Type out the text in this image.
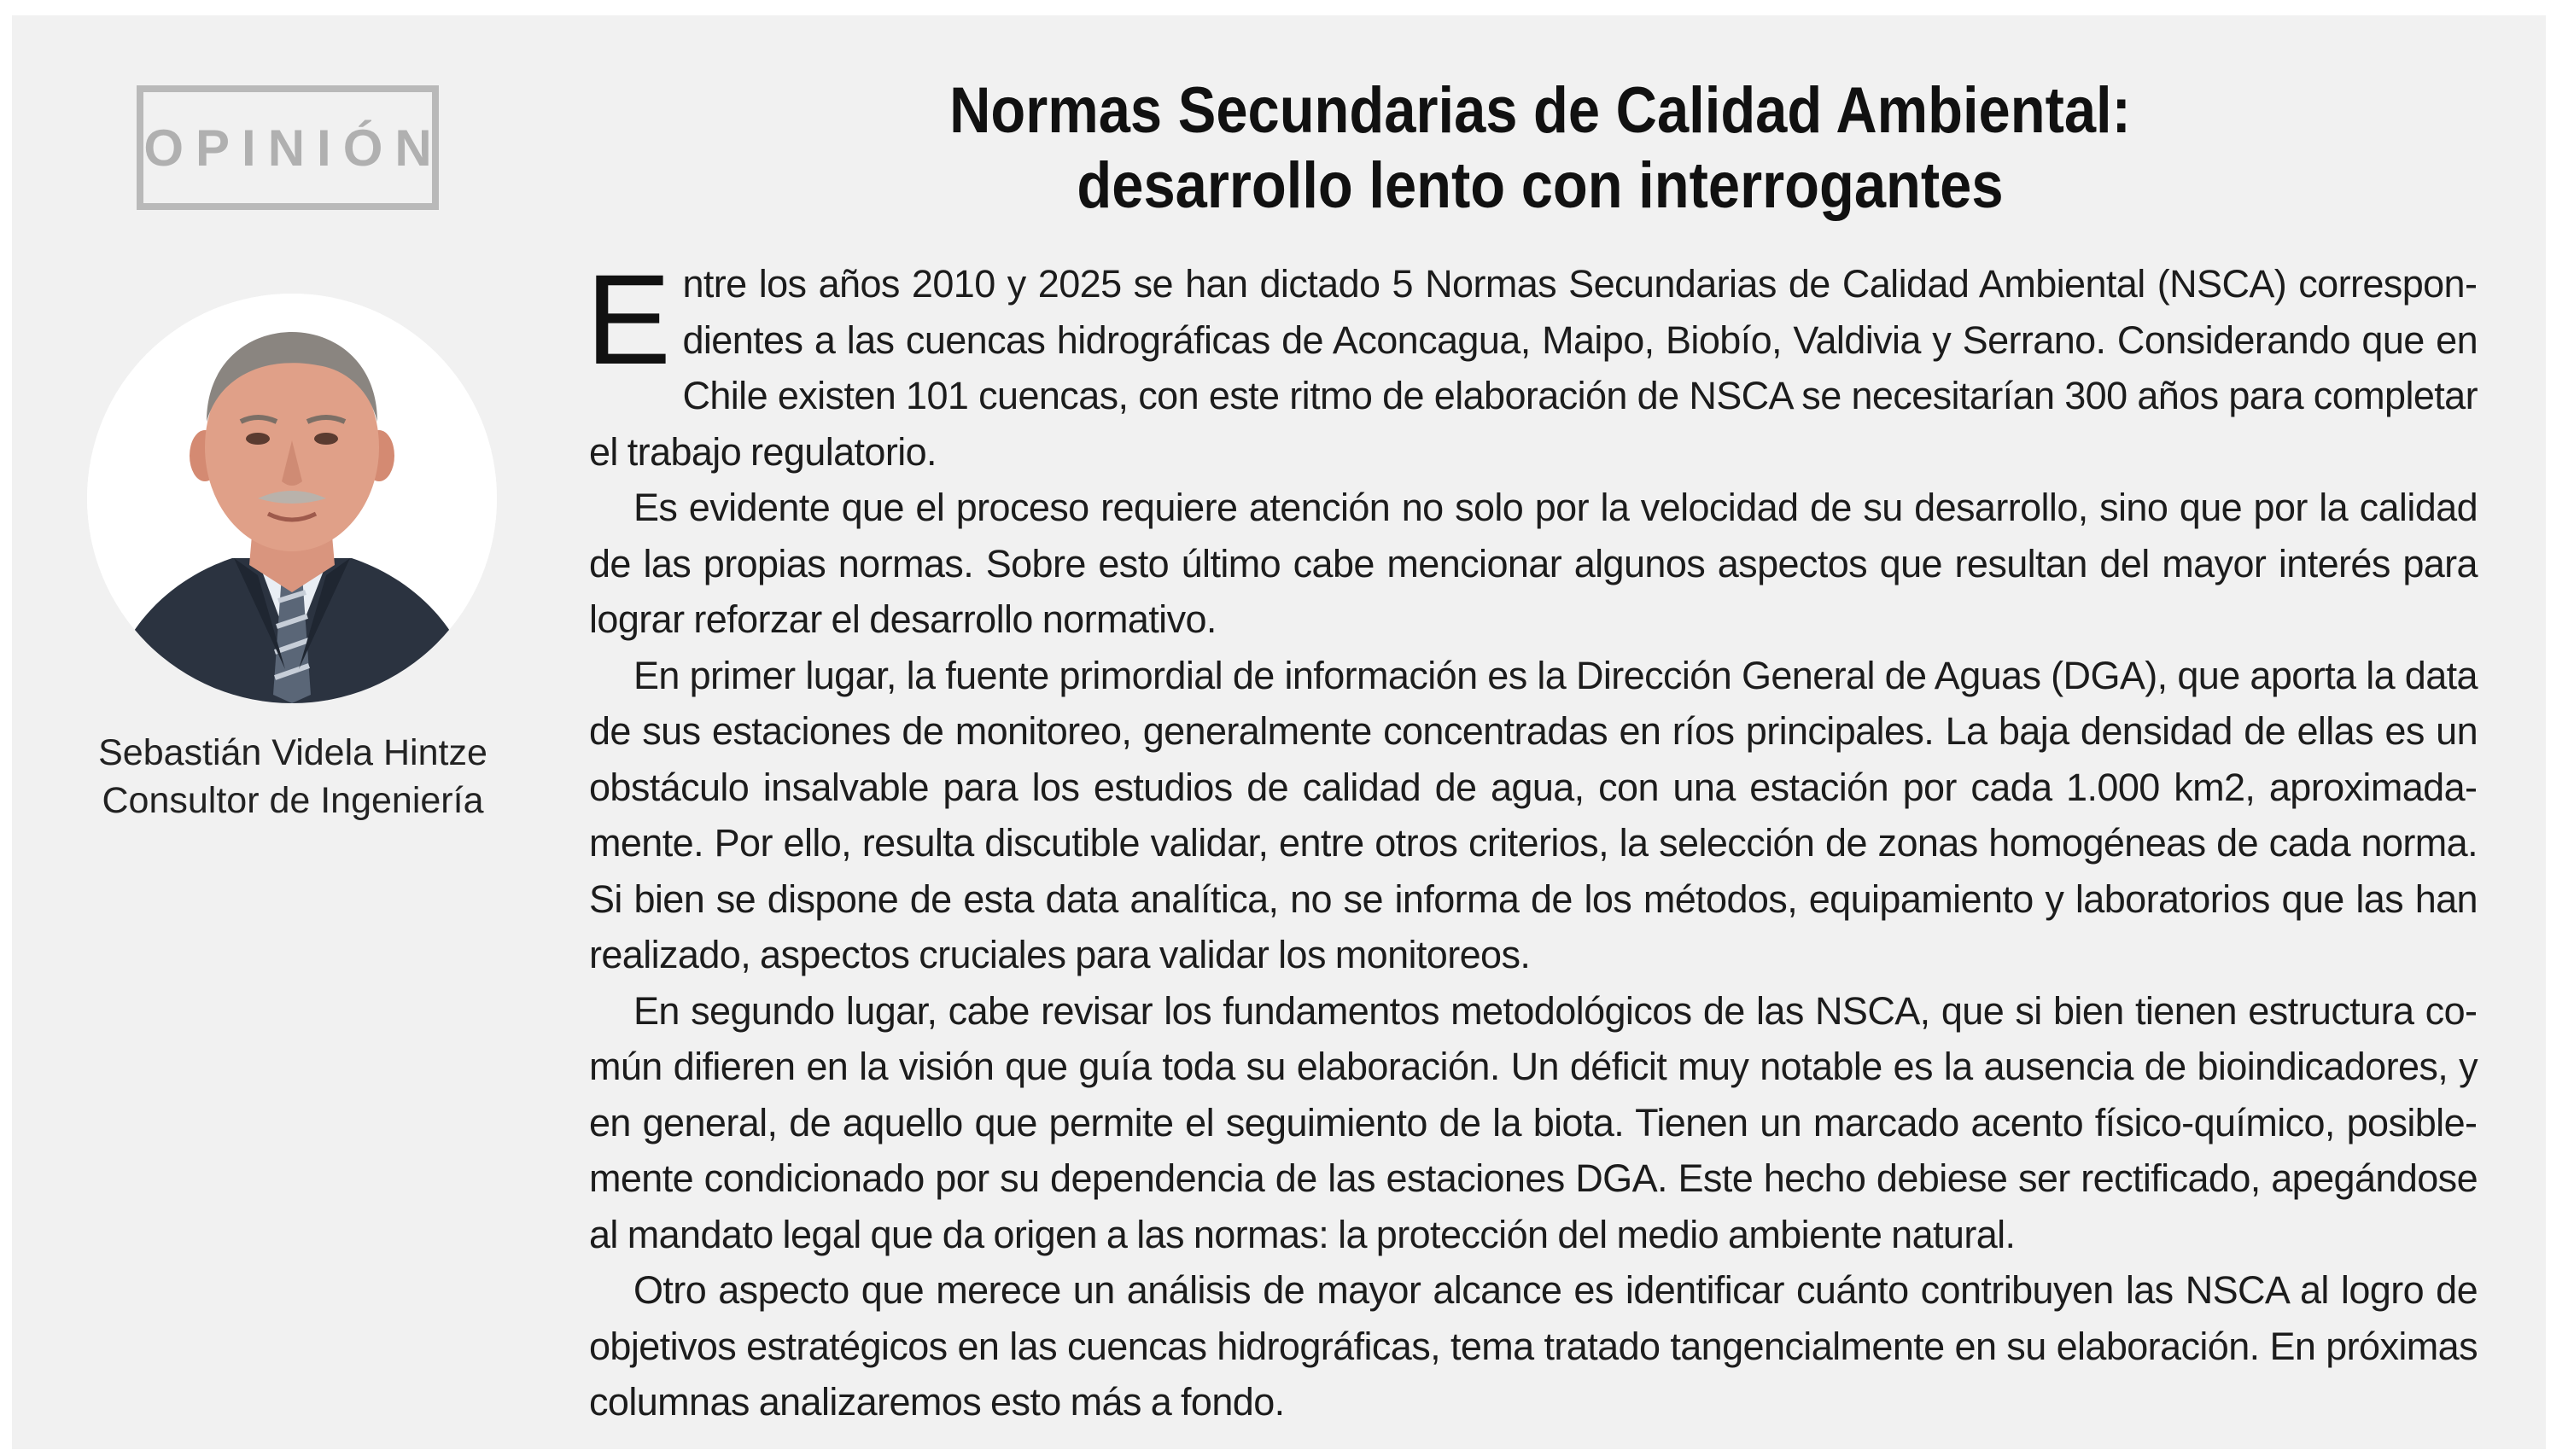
OPINIÓN
Sebastián Videla Hintze
Consultor de Ingeniería
Normas Secundarias de Calidad Ambiental:
desarrollo lento con interrogantes

Entre los años 2010 y 2025 se han dictado 5 Normas Secundarias de Calidad Ambiental (NSCA) correspondientes a las cuencas hidrográficas de Aconcagua, Maipo, Biobío, Valdivia y Serrano. Considerando que en Chile existen 101 cuencas, con este ritmo de elaboración de NSCA se necesitarían 300 años para completar el trabajo regulatorio.

Es evidente que el proceso requiere atención no solo por la velocidad de su desarrollo, sino que por la calidad de las propias normas. Sobre esto último cabe mencionar algunos aspectos que resultan del mayor interés para lograr reforzar el desarrollo normativo.

En primer lugar, la fuente primordial de información es la Dirección General de Aguas (DGA), que aporta la data de sus estaciones de monitoreo, generalmente concentradas en ríos principales. La baja densidad de ellas es un obstáculo insalvable para los estudios de calidad de agua, con una estación por cada 1.000 km2, aproximadamente. Por ello, resulta discutible validar, entre otros criterios, la selección de zonas homogéneas de cada norma. Si bien se dispone de esta data analítica, no se informa de los métodos, equipamiento y laboratorios que las han realizado, aspectos cruciales para validar los monitoreos.

En segundo lugar, cabe revisar los fundamentos metodológicos de las NSCA, que si bien tienen estructura común difieren en la visión que guía toda su elaboración. Un déficit muy notable es la ausencia de bioindicadores, y en general, de aquello que permite el seguimiento de la biota. Tienen un marcado acento físico-químico, posiblemente condicionado por su dependencia de las estaciones DGA. Este hecho debiese ser rectificado, apegándose al mandato legal que da origen a las normas: la protección del medio ambiente natural.

Otro aspecto que merece un análisis de mayor alcance es identificar cuánto contribuyen las NSCA al logro de objetivos estratégicos en las cuencas hidrográficas, tema tratado tangencialmente en su elaboración. En próximas columnas analizaremos esto más a fondo.
